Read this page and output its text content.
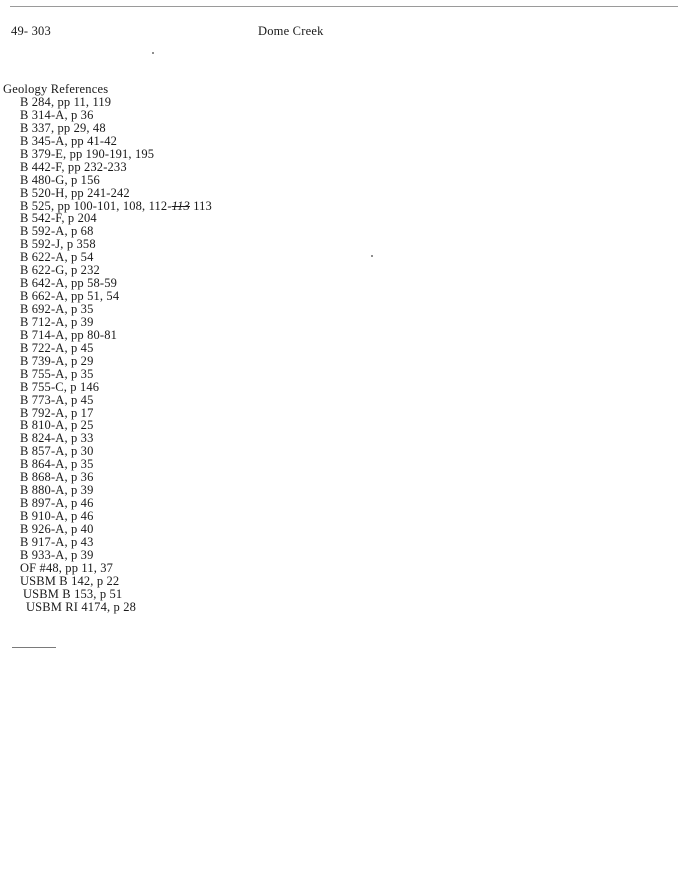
49- 303	Dome Creek
Geology References
B 284, pp 11, 119
B 314-A, p 36
B 337, pp 29, 48
B 345-A, pp 41-42
B 379-E, pp 190-191, 195
B 442-F, pp 232-233
B 480-G, p 156
B 520-H, pp 241-242
B 525, pp 100-101, 108, 112-113 113
B 542-F, p 204
B 592-A, p 68
B 592-J, p 358
B 622-A, p 54
B 622-G, p 232
B 642-A, pp 58-59
B 662-A, pp 51, 54
B 692-A, p 35
B 712-A, p 39
B 714-A, pp 80-81
B 722-A, p 45
B 739-A, p 29
B 755-A, p 35
B 755-C, p 146
B 773-A, p 45
B 792-A, p 17
B 810-A, p 25
B 824-A, p 33
B 857-A, p 30
B 864-A, p 35
B 868-A, p 36
B 880-A, p 39
B 897-A, p 46
B 910-A, p 46
B 926-A, p 40
B 917-A, p 43
B 933-A, p 39
OF #48, pp 11, 37
USBM B 142, p 22
USBM B 153, p 51
USBM RI 4174, p 28
